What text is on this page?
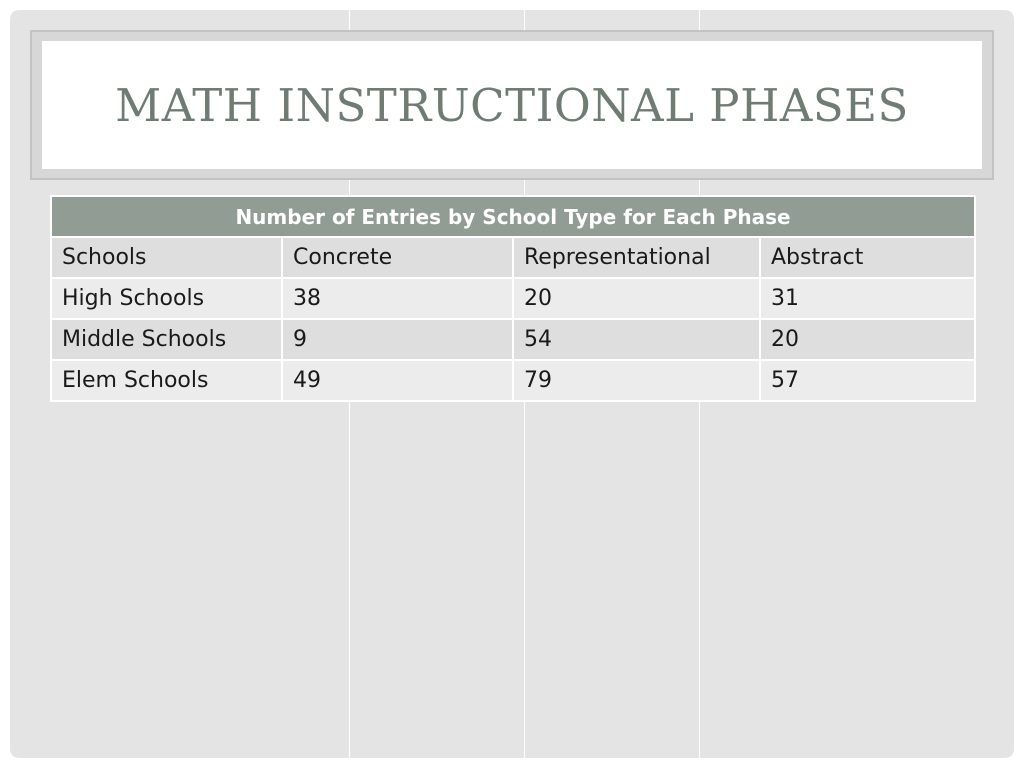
MATH INSTRUCTIONAL PHASES
Number of Entries by School Type for Each Phase			
Schools	Concrete	Representational	Abstract
High Schools	38	20	31
Middle Schools	9	54	20
Elem Schools	49	79	57
